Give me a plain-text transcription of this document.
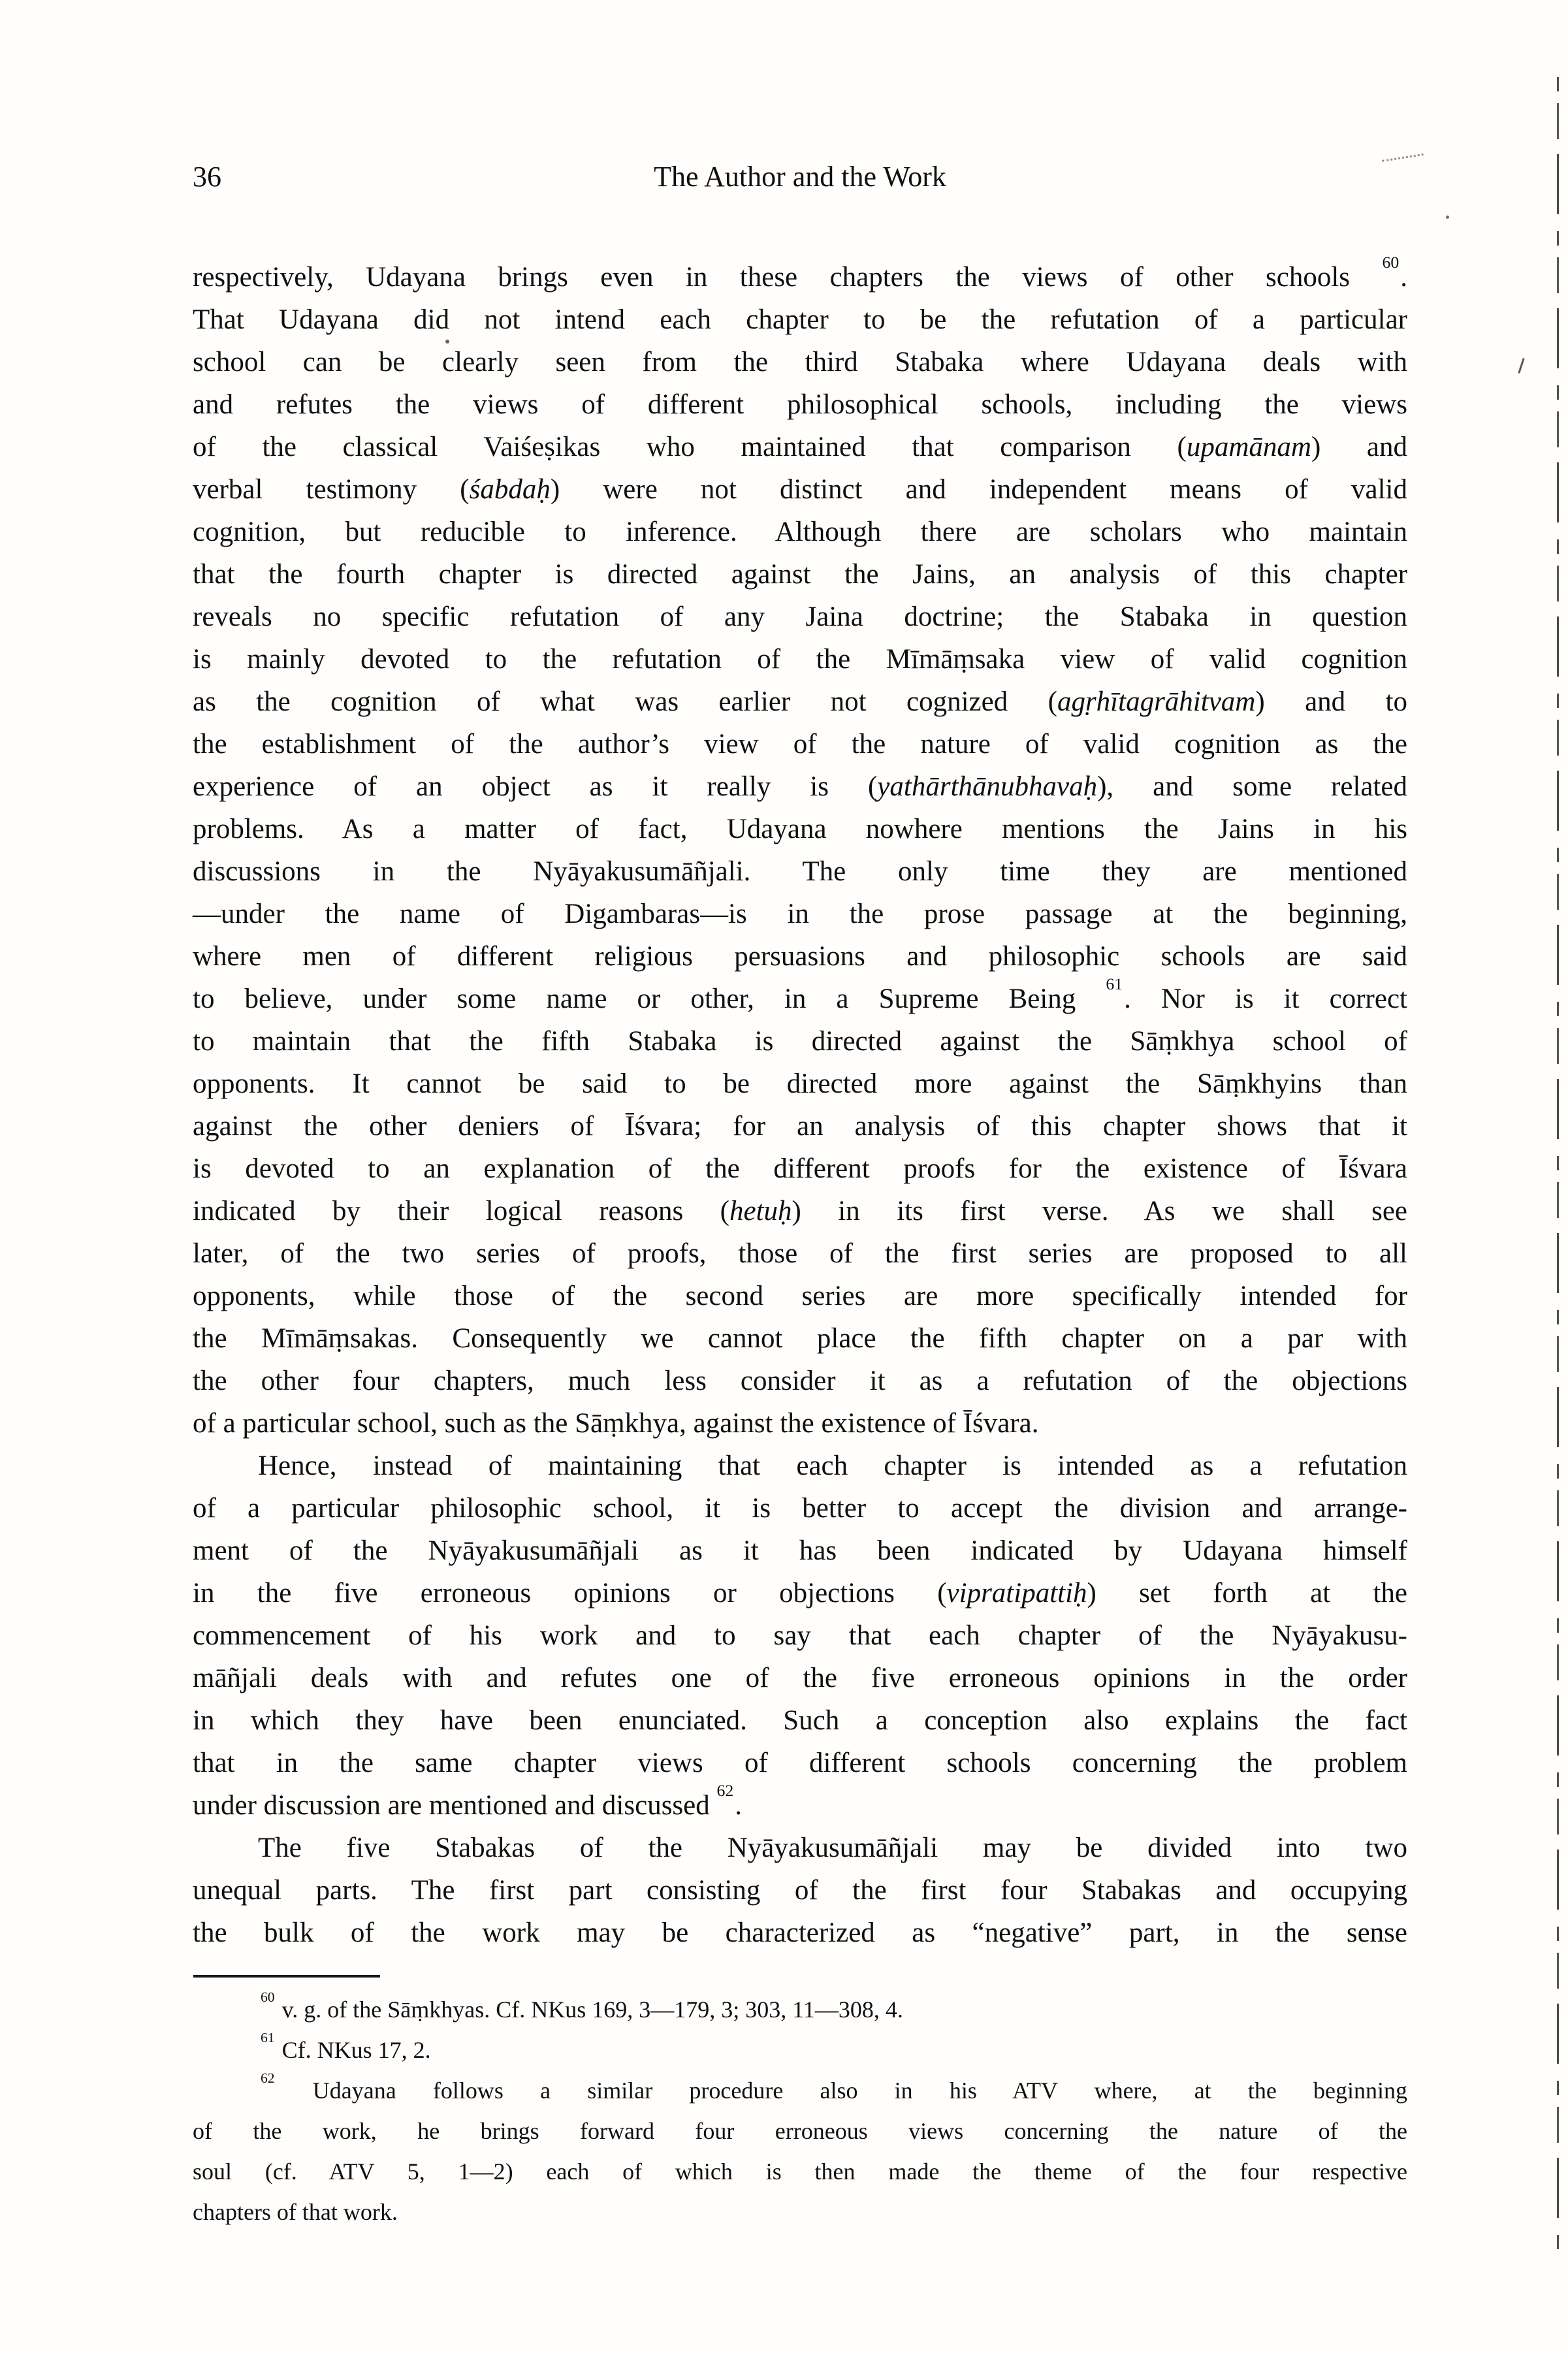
36	The Author and the Work
respectively, Udayana brings even in these chapters the views of other schools $^{60}$.
That Udayana did not intend each chapter to be the refutation of a particular
school can be clearly seen from the third Stabaka where Udayana deals with
and refutes the views of different philosophical schools, including the views
of the classical Vaiśeṣikas who maintained that comparison (upamānam) and
verbal testimony (śabdaḥ) were not distinct and independent means of valid
cognition, but reducible to inference. Although there are scholars who maintain
that the fourth chapter is directed against the Jains, an analysis of this chapter
reveals no specific refutation of any Jaina doctrine; the Stabaka in question
is mainly devoted to the refutation of the Mīmāṃsaka view of valid cognition
as the cognition of what was earlier not cognized (agṛhītagrāhitvam) and to
the establishment of the author’s view of the nature of valid cognition as the
experience of an object as it really is (yathārthānubhavaḥ), and some related
problems. As a matter of fact, Udayana nowhere mentions the Jains in his
discussions in the Nyāyakusumāñjali. The only time they are mentioned
—under the name of Digambaras—is in the prose passage at the beginning,
where men of different religious persuasions and philosophic schools are said
to believe, under some name or other, in a Supreme Being $^{61}$. Nor is it correct
to maintain that the fifth Stabaka is directed against the Sāṃkhya school of
opponents. It cannot be said to be directed more against the Sāṃkhyins than
against the other deniers of Īśvara; for an analysis of this chapter shows that it
is devoted to an explanation of the different proofs for the existence of Īśvara
indicated by their logical reasons (hetuḥ) in its first verse. As we shall see
later, of the two series of proofs, those of the first series are proposed to all
opponents, while those of the second series are more specifically intended for
the Mīmāṃsakas. Consequently we cannot place the fifth chapter on a par with
the other four chapters, much less consider it as a refutation of the objections
of a particular school, such as the Sāṃkhya, against the existence of Īśvara.
Hence, instead of maintaining that each chapter is intended as a refutation
of a particular philosophic school, it is better to accept the division and arrange-
ment of the Nyāyakusumāñjali as it has been indicated by Udayana himself
in the five erroneous opinions or objections (vipratipattiḥ) set forth at the
commencement of his work and to say that each chapter of the Nyāyakusu-
māñjali deals with and refutes one of the five erroneous opinions in the order
in which they have been enunciated. Such a conception also explains the fact
that in the same chapter views of different schools concerning the problem
under discussion are mentioned and discussed $^{62}$.
The five Stabakas of the Nyāyakusumāñjali may be divided into two
unequal parts. The first part consisting of the first four Stabakas and occupying
the bulk of the work may be characterized as “negative” part, in the sense
$^{60}$ v. g. of the Sāṃkhyas. Cf. NKus 169, 3—179, 3; 303, 11—308, 4.
$^{61}$ Cf. NKus 17, 2.
$^{62}$ Udayana follows a similar procedure also in his ATV where, at the beginning
of the work, he brings forward four erroneous views concerning the nature of the
soul (cf. ATV 5, 1—2) each of which is then made the theme of the four respective
chapters of that work.
